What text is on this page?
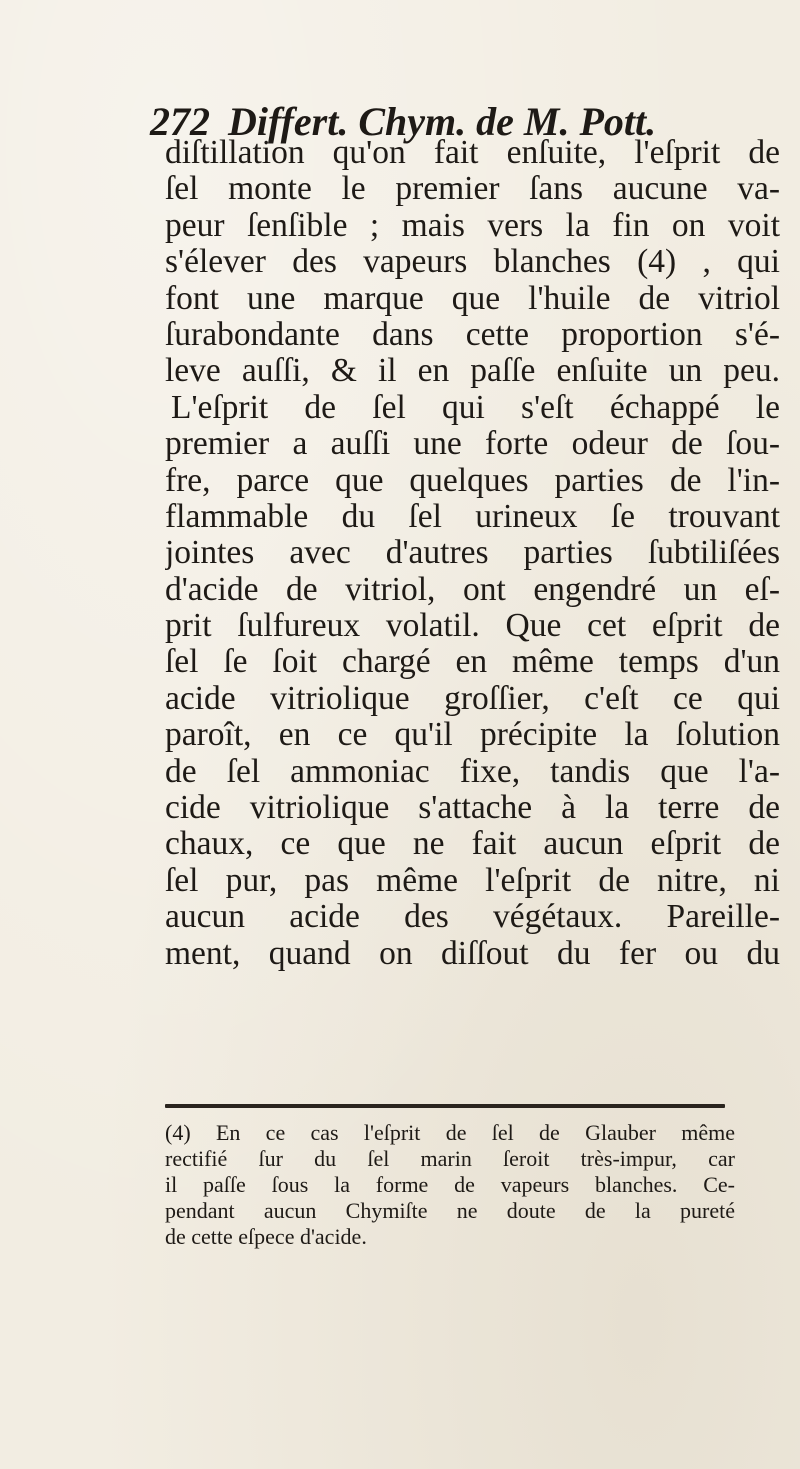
272 Differt. Chym. de M. Pott.
diſtillation qu'on fait enſuite, l'eſprit de
ſel monte le premier ſans aucune va-
peur ſenſible ; mais vers la fin on voit
s'élever des vapeurs blanches (4) , qui
font une marque que l'huile de vitriol
ſurabondante dans cette proportion s'é-
leve auſſi, & il en paſſe enſuite un peu.
L'eſprit de ſel qui s'eſt échappé le
premier a auſſi une forte odeur de ſou-
fre, parce que quelques parties de l'in-
flammable du ſel urineux ſe trouvant
jointes avec d'autres parties ſubtiliſées
d'acide de vitriol, ont engendré un eſ-
prit ſulfureux volatil. Que cet eſprit de
ſel ſe ſoit chargé en même temps d'un
acide vitriolique groſſier, c'eſt ce qui
paroît, en ce qu'il précipite la ſolution
de ſel ammoniac fixe, tandis que l'a-
cide vitriolique s'attache à la terre de
chaux, ce que ne fait aucun eſprit de
ſel pur, pas même l'eſprit de nitre, ni
aucun acide des végétaux. Pareille-
ment, quand on diſſout du fer ou du
(4) En ce cas l'eſprit de ſel de Glauber même
rectifié ſur du ſel marin ſeroit très-impur, car
il paſſe ſous la forme de vapeurs blanches. Ce-
pendant aucun Chymiſte ne doute de la pureté
de cette eſpece d'acide.
